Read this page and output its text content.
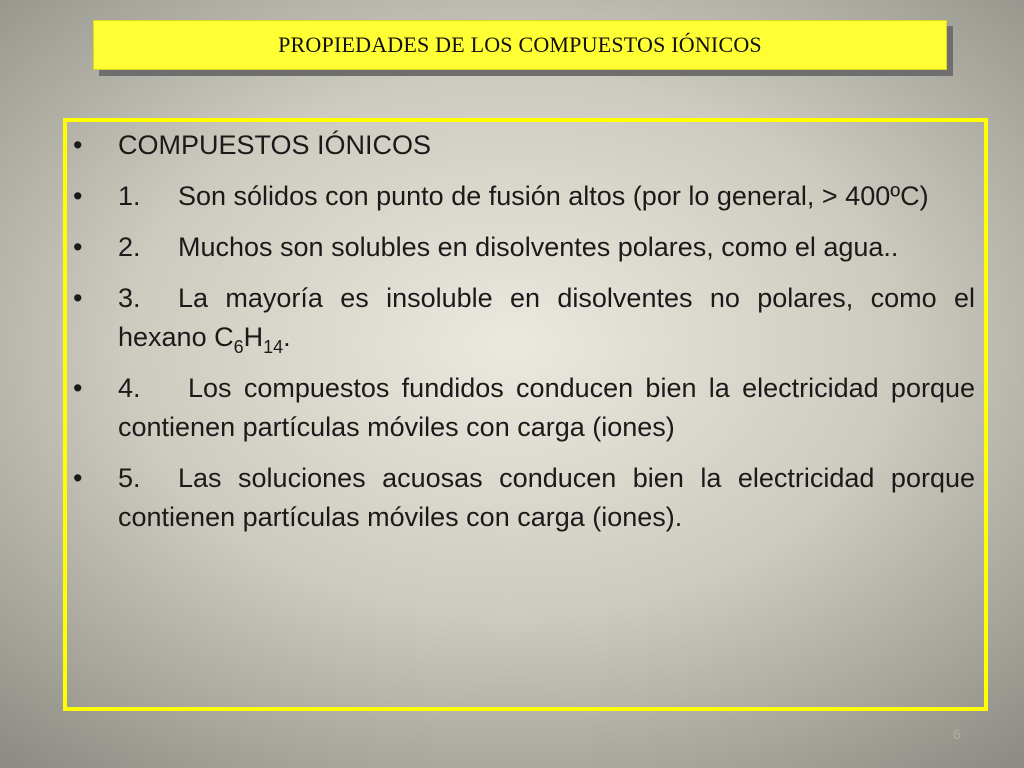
PROPIEDADES DE LOS COMPUESTOS IÓNICOS
• COMPUESTOS IÓNICOS
• 1. Son sólidos con punto de fusión altos (por lo general, > 400ºC)
• 2. Muchos son solubles en disolventes polares, como el agua..
• 3. La mayoría es insoluble en disolventes no polares, como el hexano $C_6H_{14}$.
• 4. Los compuestos fundidos conducen bien la electricidad porque contienen partículas móviles con carga (iones)
• 5. Las soluciones acuosas conducen bien la electricidad porque contienen partículas móviles con carga (iones).
6	6
